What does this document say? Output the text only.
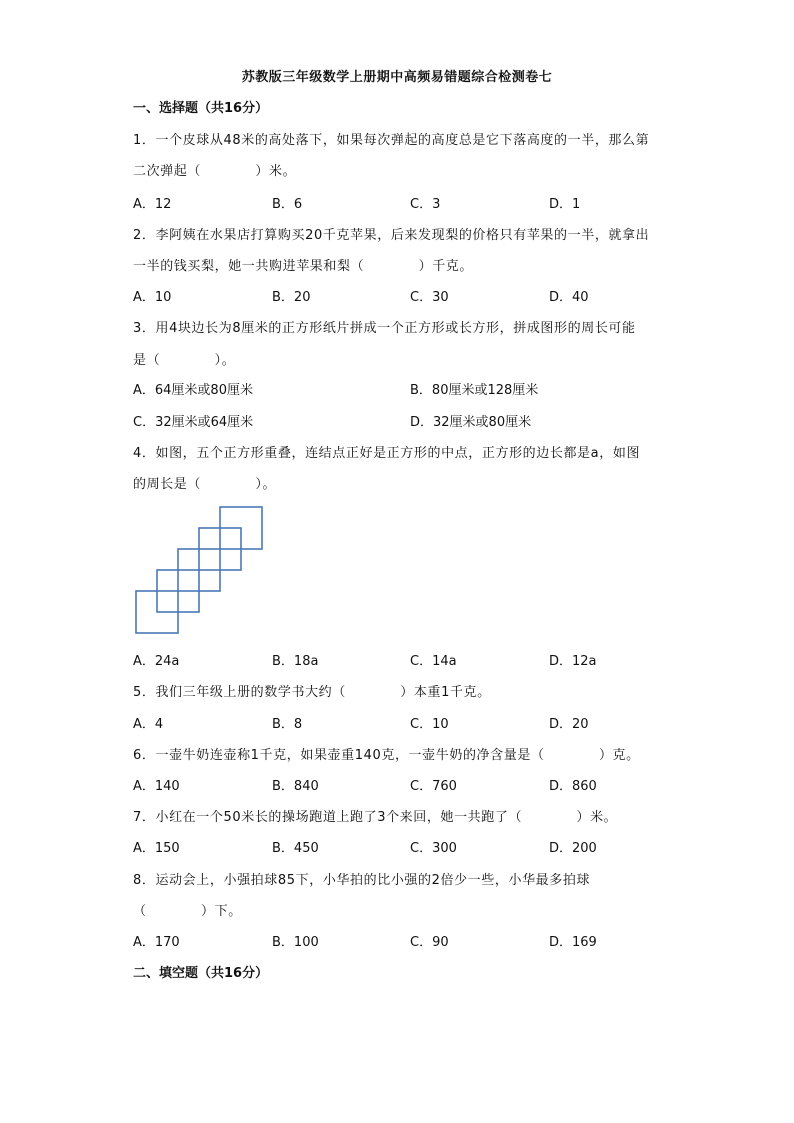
苏教版三年级数学上册期中高频易错题综合检测卷七
一、选择题（共16分）
1．一个皮球从48米的高处落下，如果每次弹起的高度总是它下落高度的一半，那么第
二次弹起（　　　　）米。
A．12	B．6	C．3	D．1
2．李阿姨在水果店打算购买20千克苹果，后来发现梨的价格只有苹果的一半，就拿出
一半的钱买梨，她一共购进苹果和梨（　　　　）千克。
A．10	B．20	C．30	D．40
3．用4块边长为8厘米的正方形纸片拼成一个正方形或长方形，拼成图形的周长可能
是（　　　　）。
A．64厘米或80厘米	B．80厘米或128厘米
C．32厘米或64厘米	D．32厘米或80厘米
4．如图，五个正方形重叠，连结点正好是正方形的中点，正方形的边长都是a，如图
的周长是（　　　　）。
A．24a	B．18a	C．14a	D．12a
5．我们三年级上册的数学书大约（　　　　）本重1千克。
A．4	B．8	C．10	D．20
6．一壶牛奶连壶称1千克，如果壶重140克，一壶牛奶的净含量是（　　　　）克。
A．140	B．840	C．760	D．860
7．小红在一个50米长的操场跑道上跑了3个来回，她一共跑了（　　　　）米。
A．150	B．450	C．300	D．200
8．运动会上，小强拍球85下，小华拍的比小强的2倍少一些，小华最多拍球
（　　　　）下。
A．170	B．100	C．90	D．169
二、填空题（共16分）
